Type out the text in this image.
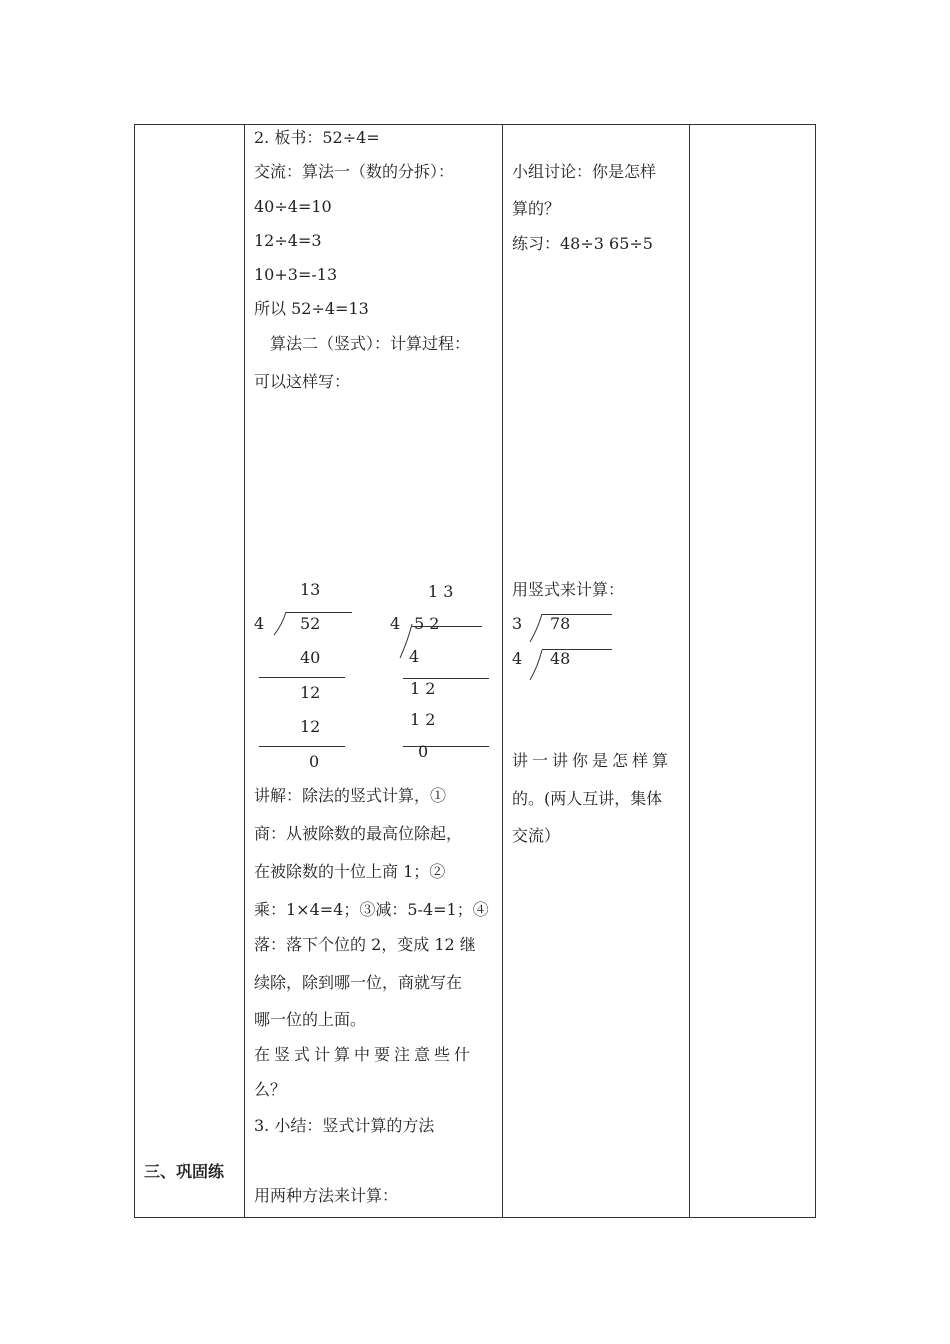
三、巩固练
2. 板书：52÷4=
交流：算法一（数的分拆）：
40÷4=10
12÷4=3
10+3=-13
所以 52÷4=13
算法二（竖式）：计算过程：
可以这样写：
13
4 52
40
12
12
0
1 3
4 5 2
4
1 2
1 2
0
讲解：除法的竖式计算，①
商：从被除数的最高位除起，
在被除数的十位上商 1；②
乘：1×4=4；③减：5-4=1；④
落：落下个位的 2，变成 12 继
续除，除到哪一位，商就写在
哪一位的上面。
在竖式计算中要注意些什
么？
3. 小结：竖式计算的方法
用两种方法来计算：
小组讨论：你是怎样
算的？
练习：48÷3 65÷5
用竖式来计算：
3 78
4 48
讲一讲你是怎样算
的。(两人互讲，集体
交流）
